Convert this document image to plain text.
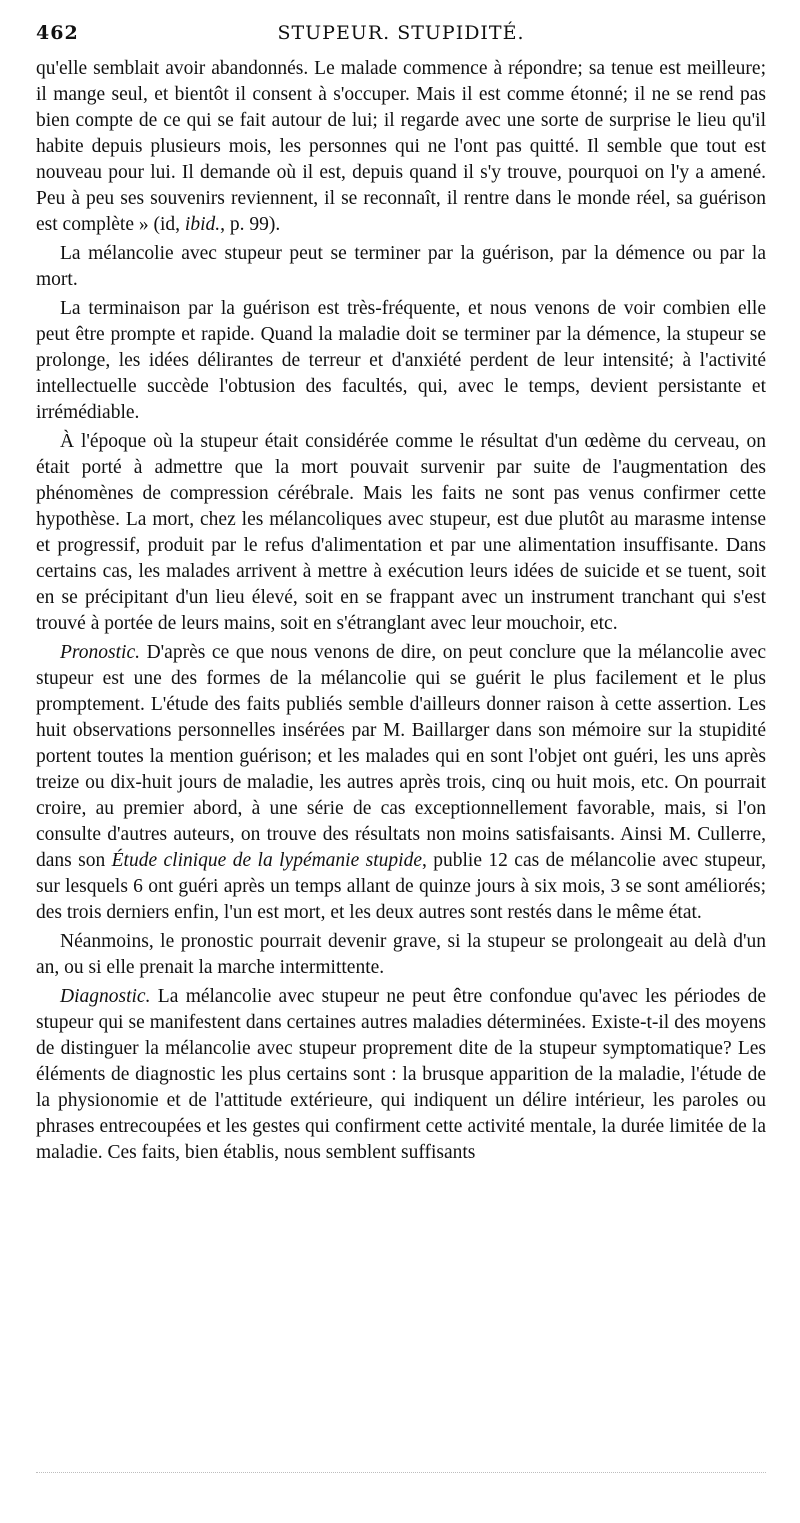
462	STUPEUR. STUPIDITÉ.

qu'elle semblait avoir abandonnés. Le malade commence à répondre; sa tenue est meilleure; il mange seul, et bientôt il consent à s'occuper. Mais il est comme étonné; il ne se rend pas bien compte de ce qui se fait autour de lui; il regarde avec une sorte de surprise le lieu qu'il habite depuis plusieurs mois, les personnes qui ne l'ont pas quitté. Il semble que tout est nouveau pour lui. Il demande où il est, depuis quand il s'y trouve, pourquoi on l'y a amené. Peu à peu ses souvenirs reviennent, il se reconnaît, il rentre dans le monde réel, sa guérison est complète » (id, ibid., p. 99).

La mélancolie avec stupeur peut se terminer par la guérison, par la démence ou par la mort.

La terminaison par la guérison est très-fréquente, et nous venons de voir combien elle peut être prompte et rapide. Quand la maladie doit se terminer par la démence, la stupeur se prolonge, les idées délirantes de terreur et d'anxiété perdent de leur intensité; à l'activité intellectuelle succède l'obtusion des facultés, qui, avec le temps, devient persistante et irrémédiable.

À l'époque où la stupeur était considérée comme le résultat d'un œdème du cerveau, on était porté à admettre que la mort pouvait survenir par suite de l'augmentation des phénomènes de compression cérébrale. Mais les faits ne sont pas venus confirmer cette hypothèse. La mort, chez les mélancoliques avec stupeur, est due plutôt au marasme intense et progressif, produit par le refus d'alimentation et par une alimentation insuffisante. Dans certains cas, les malades arrivent à mettre à exécution leurs idées de suicide et se tuent, soit en se précipitant d'un lieu élevé, soit en se frappant avec un instrument tranchant qui s'est trouvé à portée de leurs mains, soit en s'étranglant avec leur mouchoir, etc.

Pronostic. D'après ce que nous venons de dire, on peut conclure que la mélancolie avec stupeur est une des formes de la mélancolie qui se guérit le plus facilement et le plus promptement. L'étude des faits publiés semble d'ailleurs donner raison à cette assertion. Les huit observations personnelles insérées par M. Baillarger dans son mémoire sur la stupidité portent toutes la mention guérison; et les malades qui en sont l'objet ont guéri, les uns après treize ou dix-huit jours de maladie, les autres après trois, cinq ou huit mois, etc. On pourrait croire, au premier abord, à une série de cas exceptionnellement favorable, mais, si l'on consulte d'autres auteurs, on trouve des résultats non moins satisfaisants. Ainsi M. Cullerre, dans son Étude clinique de la lypémanie stupide, publie 12 cas de mélancolie avec stupeur, sur lesquels 6 ont guéri après un temps allant de quinze jours à six mois, 3 se sont améliorés; des trois derniers enfin, l'un est mort, et les deux autres sont restés dans le même état.

Néanmoins, le pronostic pourrait devenir grave, si la stupeur se prolongeait au delà d'un an, ou si elle prenait la marche intermittente.

Diagnostic. La mélancolie avec stupeur ne peut être confondue qu'avec les périodes de stupeur qui se manifestent dans certaines autres maladies déterminées. Existe-t-il des moyens de distinguer la mélancolie avec stupeur proprement dite de la stupeur symptomatique? Les éléments de diagnostic les plus certains sont : la brusque apparition de la maladie, l'étude de la physionomie et de l'attitude extérieure, qui indiquent un délire intérieur, les paroles ou phrases entrecoupées et les gestes qui confirment cette activité mentale, la durée limitée de la maladie. Ces faits, bien établis, nous semblent suffisants
